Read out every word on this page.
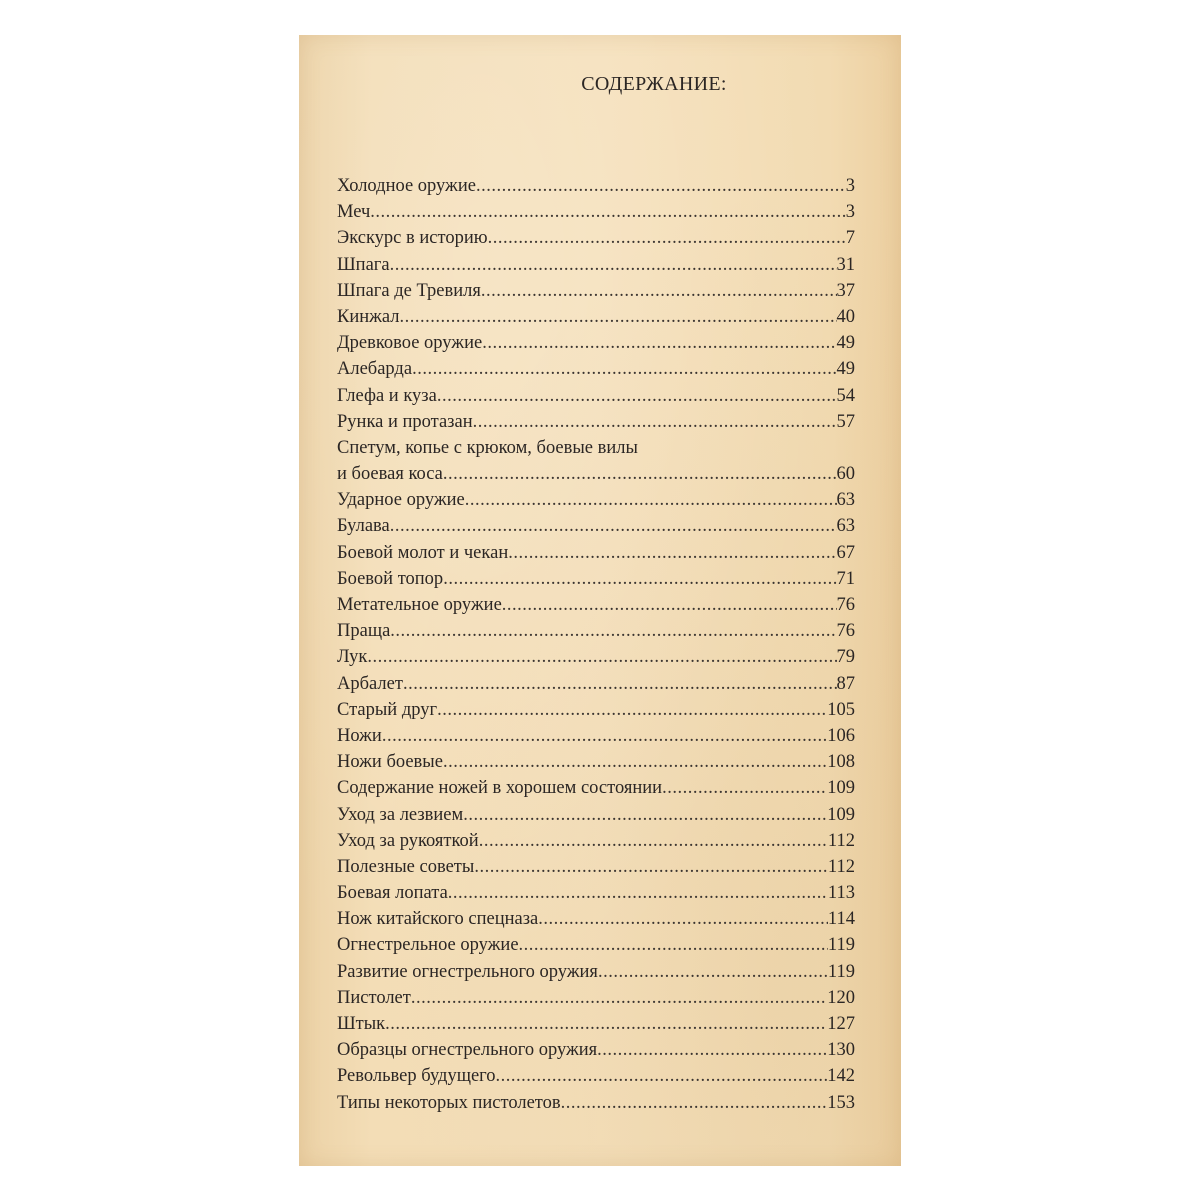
СОДЕРЖАНИЕ:
Холодное оружие .....	3
Меч .....	3
Экскурс в историю .....	7
Шпага .....	31
Шпага де Тревиля .....	37
Кинжал .....	40
Древковое оружие .....	49
Алебарда .....	49
Глефа и куза .....	54
Рунка и протазан .....	57
Спетум, копье с крюком, боевые вилы
и боевая коса .....	60
Ударное оружие .....	63
Булава .....	63
Боевой молот и чекан .....	67
Боевой топор .....	71
Метательное оружие .....	76
Праща .....	76
Лук .....	79
Арбалет .....	87
Старый друг .....	105
Ножи .....	106
Ножи боевые .....	108
Содержание ножей в хорошем состоянии .....	109
Уход за лезвием .....	109
Уход за рукояткой .....	112
Полезные советы .....	112
Боевая лопата .....	113
Нож китайского спецназа .....	114
Огнестрельное оружие .....	119
Развитие огнестрельного оружия .....	119
Пистолет .....	120
Штык .....	127
Образцы огнестрельного оружия .....	130
Револьвер будущего .....	142
Типы некоторых пистолетов .....	153
